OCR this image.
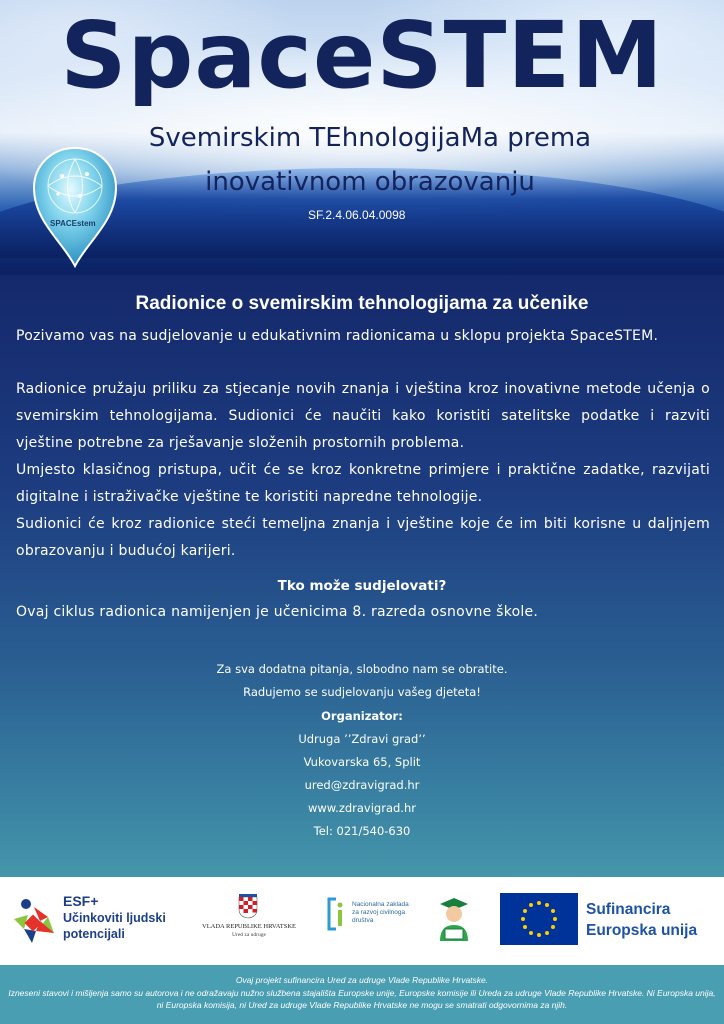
SpaceSTEM
Svemirskim TEhnologijaMa prema
inovativnom obrazovanju
SF.2.4.06.04.0098
SPACEstem
Radionice o svemirskim tehnologijama za učenike

Pozivamo vas na sudjelovanje u edukativnim radionicama u sklopu projekta SpaceSTEM.

Radionice pružaju priliku za stjecanje novih znanja i vještina kroz inovativne metode učenja o svemirskim tehnologijama. Sudionici će naučiti kako koristiti satelitske podatke i razviti vještine potrebne za rješavanje složenih prostornih problema.

Umjesto klasičnog pristupa, učit će se kroz konkretne primjere i praktične zadatke, razvijati digitalne i istraživačke vještine te koristiti napredne tehnologije.

Sudionici će kroz radionice steći temeljna znanja i vještine koje će im biti korisne u daljnjem obrazovanju i budućoj karijeri.

Tko može sudjelovati?

Ovaj ciklus radionica namijenjen je učenicima 8. razreda osnovne škole.

Za sva dodatna pitanja, slobodno nam se obratite.
Radujemo se sudjelovanju vašeg djeteta!
Organizator:
Udruga ’’Zdravi grad’’
Vukovarska 65, Split
ured@zdravigrad.hr
www.zdravigrad.hr
Tel: 021/540-630
ESF+
Učinkoviti ljudski potencijali
VLADA REPUBLIKE HRVATSKE
Ured za udruge
Nacionalna zaklada za razvoj civilnoga društva
Sufinancira
Europska unija
Ovaj projekt sufinancira Ured za udruge Vlade Republike Hrvatske.
Izneseni stavovi i mišljenja samo su autorova i ne odražavaju nužno službena stajališta Europske unije, Europske komisije ili Ureda za udruge Vlade Republike Hrvatske. Ni Europska unija, ni Europska komisija, ni Ured za udruge Vlade Republike Hrvatske ne mogu se smatrati odgovornima za njih.
